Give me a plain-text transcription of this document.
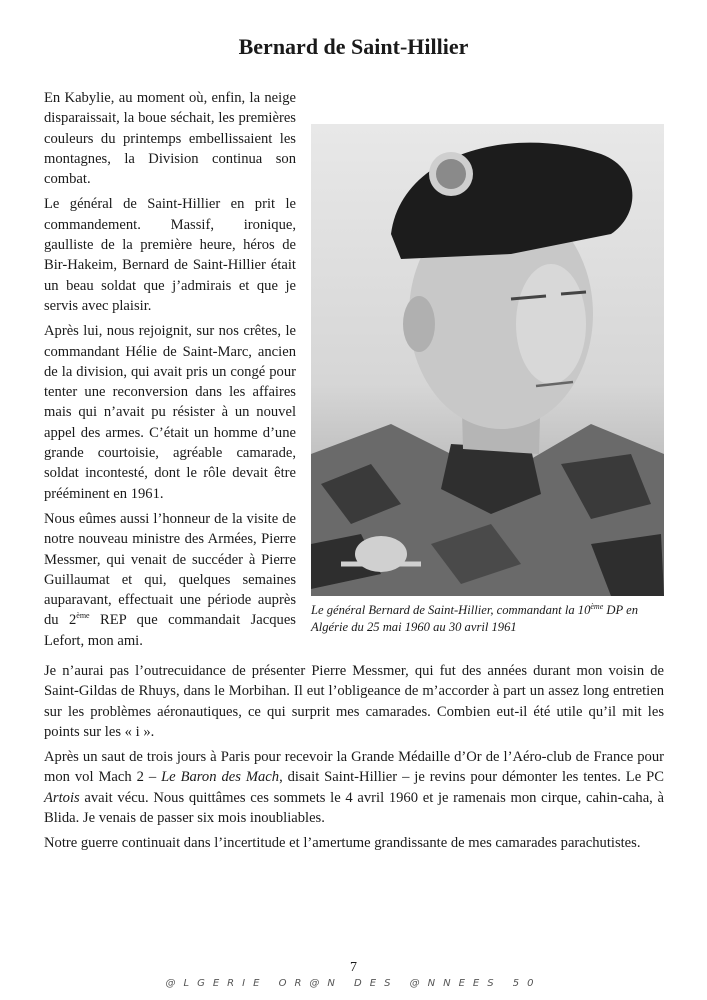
Bernard de Saint-Hillier

En Kabylie, au moment où, enfin, la neige disparaissait, la boue séchait, les premières couleurs du printemps embellissaient les montagnes, la Division continua son combat.

Le général de Saint-Hillier en prit le commandement. Massif, ironique, gaulliste de la première heure, héros de Bir-Hakeim, Bernard de Saint-Hillier était un beau soldat que j’admirais et que je servis avec plaisir.

Après lui, nous rejoignit, sur nos crêtes, le commandant Hélie de Saint-Marc, ancien de la division, qui avait pris un congé pour tenter une reconversion dans les affaires mais qui n’avait pu résister à un nouvel appel des armes. C’était un homme d’une grande courtoisie, agréable camarade, soldat incontesté, dont le rôle devait être prééminent en 1961.

Nous eûmes aussi l’honneur de la visite de notre nouveau ministre des Armées, Pierre Messmer, qui venait de succéder à Pierre Guillaumat et qui, quelques semaines auparavant, effectuait une période auprès du 2ème REP que commandait Jacques Lefort, mon ami.

Le général Bernard de Saint-Hillier, commandant la 10ème DP en Algérie du 25 mai 1960 au 30 avril 1961

Je n’aurai pas l’outrecuidance de présenter Pierre Messmer, qui fut des années durant mon voisin de Saint-Gildas de Rhuys, dans le Morbihan. Il eut l’obligeance de m’accorder à part un assez long entretien sur les problèmes aéronautiques, ce qui surprit mes camarades. Combien eut-il été utile qu’il mit les points sur les « i ».

Après un saut de trois jours à Paris pour recevoir la Grande Médaille d’Or de l’Aéro-club de France pour mon vol Mach 2 – Le Baron des Mach, disait Saint-Hillier – je revins pour démonter les tentes. Le PC Artois avait vécu. Nous quittâmes ces sommets le 4 avril 1960 et je ramenais mon cirque, cahin-caha, à Blida. Je venais de passer six mois inoubliables.

Notre guerre continuait dans l’incertitude et l’amertume grandissante de mes camarades parachutistes.

7
@LGERIE OR@N DES @NNEES 50
